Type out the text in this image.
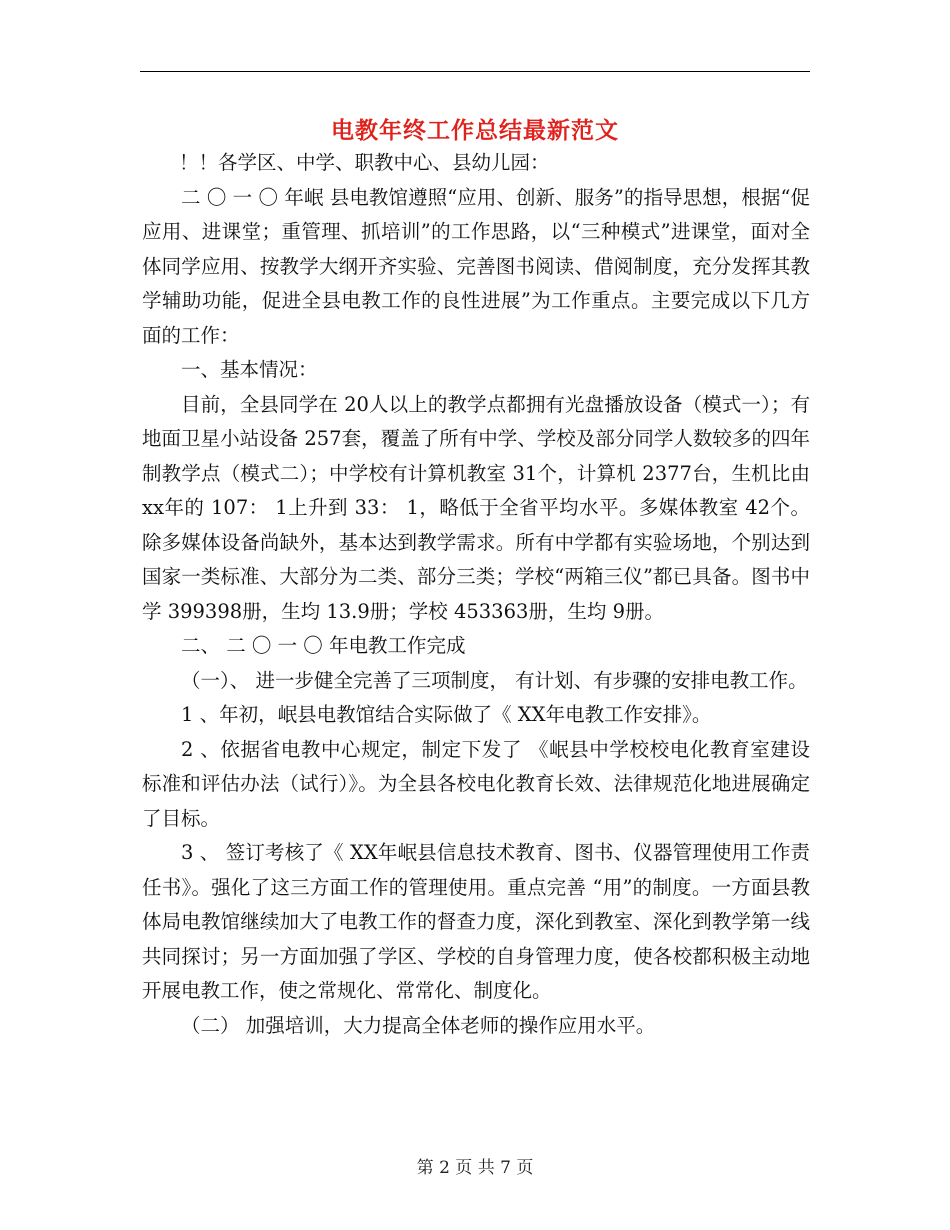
电教年终工作总结最新范文

！！各学区、中学、职教中心、县幼儿园：

二 〇 一 〇 年岷 县电教馆遵照“应用、创新、服务”的指导思想，根据“促应用、进课堂；重管理、抓培训”的工作思路，以“三种模式”进课堂，面对全体同学应用、按教学大纲开齐实验、完善图书阅读、借阅制度，充分发挥其教学辅助功能，促进全县电教工作的良性进展”为工作重点。主要完成以下几方面的工作：

一、基本情况：

目前，全县同学在 20人以上的教学点都拥有光盘播放设备（模式一）；有地面卫星小站设备 257套，覆盖了所有中学、学校及部分同学人数较多的四年制教学点（模式二）；中学校有计算机教室 31个，计算机 2377台，生机比由 xx年的 107： 1上升到 33： 1，略低于全省平均水平。多媒体教室 42个。除多媒体设备尚缺外，基本达到教学需求。所有中学都有实验场地，个别达到国家一类标准、大部分为二类、部分三类；学校“两箱三仪”都已具备。图书中学 399398册，生均 13.9册；学校 453363册，生均 9册。

二、 二 〇 一 〇 年电教工作完成

（一）、 进一步健全完善了三项制度， 有计划、有步骤的安排电教工作。

1 、年初，岷县电教馆结合实际做了《 XX年电教工作安排》。

2 、依据省电教中心规定，制定下发了 《岷县中学校校电化教育室建设标准和评估办法（试行）》。为全县各校电化教育长效、法律规范化地进展确定了目标。

3 、 签订考核了《 XX年岷县信息技术教育、图书、仪器管理使用工作责任书》。强化了这三方面工作的管理使用。重点完善 “用”的制度。一方面县教体局电教馆继续加大了电教工作的督查力度，深化到教室、深化到教学第一线共同探讨；另一方面加强了学区、学校的自身管理力度，使各校都积极主动地开展电教工作，使之常规化、常常化、制度化。

（二） 加强培训，大力提高全体老师的操作应用水平。

第 2 页 共 7 页
